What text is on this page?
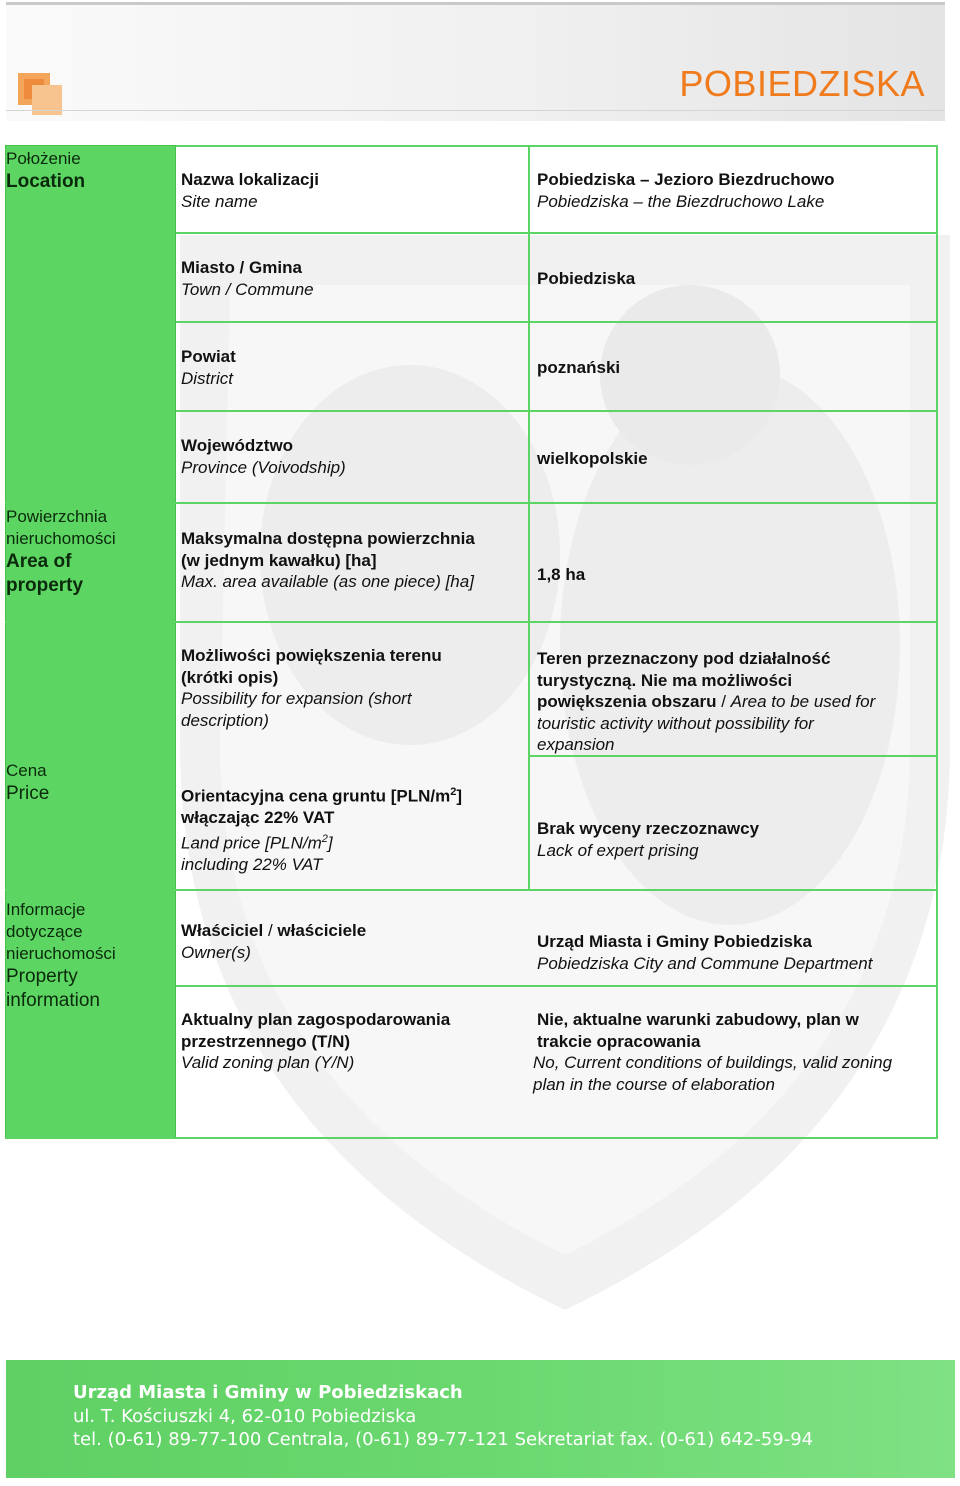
POBIEDZISKA
Położenie
Location
Powierzchnia nieruchomości
Area of property
Cena
Price
Informacje dotyczące nieruchomości
Property information
Nazwa lokalizacji
Site name
Pobiedziska – Jezioro Biezdruchowo
Pobiedziska – the Biezdruchowo Lake
Miasto / Gmina
Town / Commune
Pobiedziska
Powiat
District
poznański
Województwo
Province (Voivodship)	wielkopolskie
Maksymalna dostępna powierzchnia
(w jednym kawałku) [ha]
Max. area available (as one piece) [ha]	1,8 ha
Możliwości powiększenia terenu
(krótki opis)
Possibility for expansion (short
description)
Teren przeznaczony pod działalność
turystyczną. Nie ma możliwości
powiększenia obszaru / Area to be used for
touristic activity without possibility for
expansion
Orientacyjna cena gruntu $[PLN/m^2]$
włączając 22% VAT
Land price $[PLN/m^2]$
including 22% VAT
Brak wyceny rzeczoznawcy
Lack of expert prising
Właściciel / właściciele
Owner(s)
Urząd Miasta i Gminy Pobiedziska
Pobiedziska City and Commune Department
Aktualny plan zagospodarowania
przestrzennego (T/N)
Valid zoning plan (Y/N)
Nie, aktualne warunki zabudowy, plan w
trakcie opracowania
No, Current conditions of buildings, valid zoning
plan in the course of elaboration
Urząd Miasta i Gminy w Pobiedziskach
ul. T. Kościuszki 4, 62-010 Pobiedziska
tel. (0-61) 89-77-100 Centrala, (0-61) 89-77-121 Sekretariat fax. (0-61) 642-59-94
